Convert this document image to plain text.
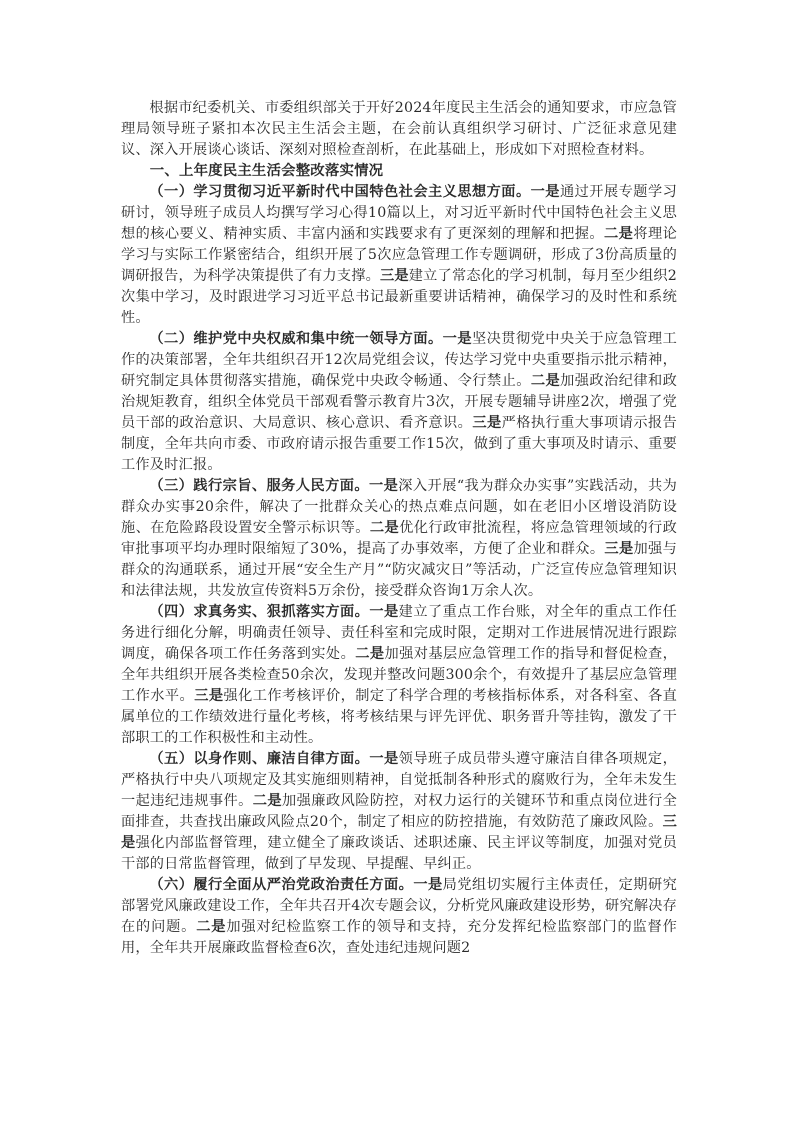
根据市纪委机关、市委组织部关于开好2024年度民主生活会的通知要求，市应急管理局领导班子紧扣本次民主生活会主题，在会前认真组织学习研讨、广泛征求意见建议、深入开展谈心谈话、深刻对照检查剖析，在此基础上，形成如下对照检查材料。

一、上年度民主生活会整改落实情况

（一）学习贯彻习近平新时代中国特色社会主义思想方面。一是通过开展专题学习研讨，领导班子成员人均撰写学习心得10篇以上，对习近平新时代中国特色社会主义思想的核心要义、精神实质、丰富内涵和实践要求有了更深刻的理解和把握。二是将理论学习与实际工作紧密结合，组织开展了5次应急管理工作专题调研，形成了3份高质量的调研报告，为科学决策提供了有力支撑。三是建立了常态化的学习机制，每月至少组织2次集中学习，及时跟进学习习近平总书记最新重要讲话精神，确保学习的及时性和系统性。

（二）维护党中央权威和集中统一领导方面。一是坚决贯彻党中央关于应急管理工作的决策部署，全年共组织召开12次局党组会议，传达学习党中央重要指示批示精神，研究制定具体贯彻落实措施，确保党中央政令畅通、令行禁止。二是加强政治纪律和政治规矩教育，组织全体党员干部观看警示教育片3次，开展专题辅导讲座2次，增强了党员干部的政治意识、大局意识、核心意识、看齐意识。三是严格执行重大事项请示报告制度，全年共向市委、市政府请示报告重要工作15次，做到了重大事项及时请示、重要工作及时汇报。

（三）践行宗旨、服务人民方面。一是深入开展“我为群众办实事”实践活动，共为群众办实事20余件，解决了一批群众关心的热点难点问题，如在老旧小区增设消防设施、在危险路段设置安全警示标识等。二是优化行政审批流程，将应急管理领域的行政审批事项平均办理时限缩短了30%，提高了办事效率，方便了企业和群众。三是加强与群众的沟通联系，通过开展“安全生产月”“防灾减灾日”等活动，广泛宣传应急管理知识和法律法规，共发放宣传资料5万余份，接受群众咨询1万余人次。

（四）求真务实、狠抓落实方面。一是建立了重点工作台账，对全年的重点工作任务进行细化分解，明确责任领导、责任科室和完成时限，定期对工作进展情况进行跟踪调度，确保各项工作任务落到实处。二是加强对基层应急管理工作的指导和督促检查，全年共组织开展各类检查50余次，发现并整改问题300余个，有效提升了基层应急管理工作水平。三是强化工作考核评价，制定了科学合理的考核指标体系，对各科室、各直属单位的工作绩效进行量化考核，将考核结果与评先评优、职务晋升等挂钩，激发了干部职工的工作积极性和主动性。

（五）以身作则、廉洁自律方面。一是领导班子成员带头遵守廉洁自律各项规定，严格执行中央八项规定及其实施细则精神，自觉抵制各种形式的腐败行为，全年未发生一起违纪违规事件。二是加强廉政风险防控，对权力运行的关键环节和重点岗位进行全面排查，共查找出廉政风险点20个，制定了相应的防控措施，有效防范了廉政风险。三是强化内部监督管理，建立健全了廉政谈话、述职述廉、民主评议等制度，加强对党员干部的日常监督管理，做到了早发现、早提醒、早纠正。

（六）履行全面从严治党政治责任方面。一是局党组切实履行主体责任，定期研究部署党风廉政建设工作，全年共召开4次专题会议，分析党风廉政建设形势，研究解决存在的问题。二是加强对纪检监察工作的领导和支持，充分发挥纪检监察部门的监督作用，全年共开展廉政监督检查6次，查处违纪违规问题2
